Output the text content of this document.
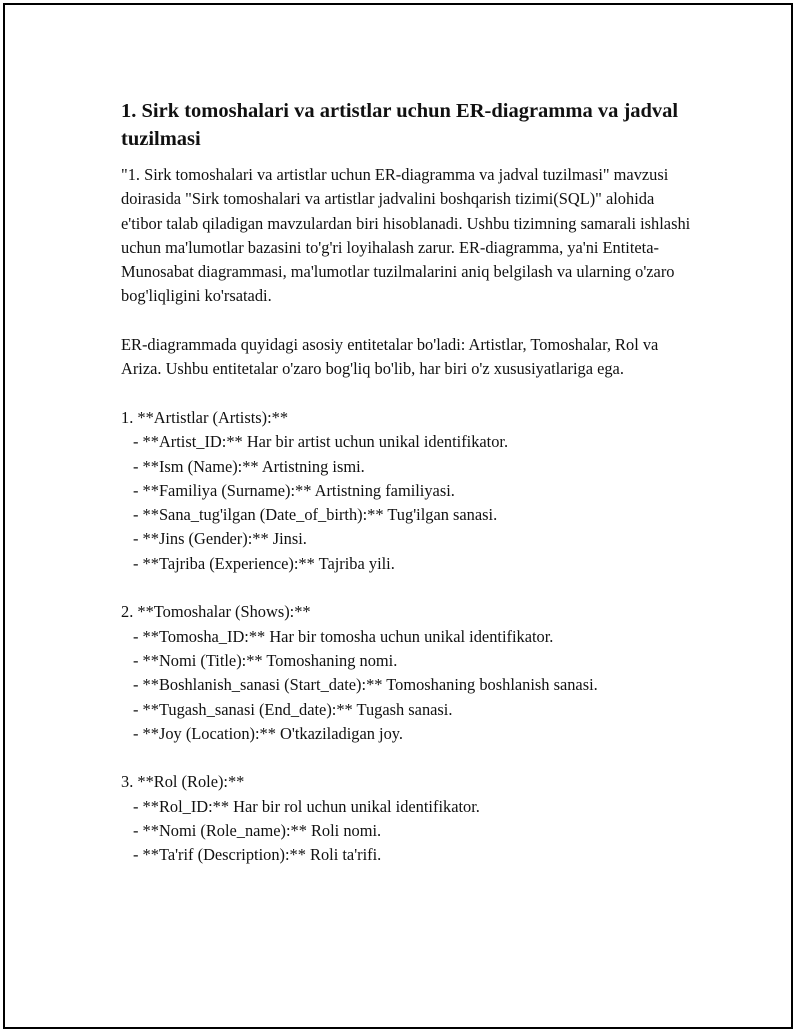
1. Sirk tomoshalari va artistlar uchun ER-diagramma va jadval tuzilmasi

"1. Sirk tomoshalari va artistlar uchun ER-diagramma va jadval tuzilmasi" mavzusi doirasida "Sirk tomoshalari va artistlar jadvalini boshqarish tizimi(SQL)" alohida e'tibor talab qiladigan mavzulardan biri hisoblanadi. Ushbu tizimning samarali ishlashi uchun ma'lumotlar bazasini to'g'ri loyihalash zarur. ER-diagramma, ya'ni Entiteta-Munosabat diagrammasi, ma'lumotlar tuzilmalarini aniq belgilash va ularning o'zaro bog'liqligini ko'rsatadi.

ER-diagrammada quyidagi asosiy entitetalar bo'ladi: Artistlar, Tomoshalar, Rol va Ariza. Ushbu entitetalar o'zaro bog'liq bo'lib, har biri o'z xususiyatlariga ega.

1. **Artistlar (Artists):**
- **Artist_ID:** Har bir artist uchun unikal identifikator.
- **Ism (Name):** Artistning ismi.
- **Familiya (Surname):** Artistning familiyasi.
- **Sana_tug'ilgan (Date_of_birth):** Tug'ilgan sanasi.
- **Jins (Gender):** Jinsi.
- **Tajriba (Experience):** Tajriba yili.
2. **Tomoshalar (Shows):**
- **Tomosha_ID:** Har bir tomosha uchun unikal identifikator.
- **Nomi (Title):** Tomoshaning nomi.
- **Boshlanish_sanasi (Start_date):** Tomoshaning boshlanish sanasi.
- **Tugash_sanasi (End_date):** Tugash sanasi.
- **Joy (Location):** O'tkaziladigan joy.
3. **Rol (Role):**
- **Rol_ID:** Har bir rol uchun unikal identifikator.
- **Nomi (Role_name):** Roli nomi.
- **Ta'rif (Description):** Roli ta'rifi.
